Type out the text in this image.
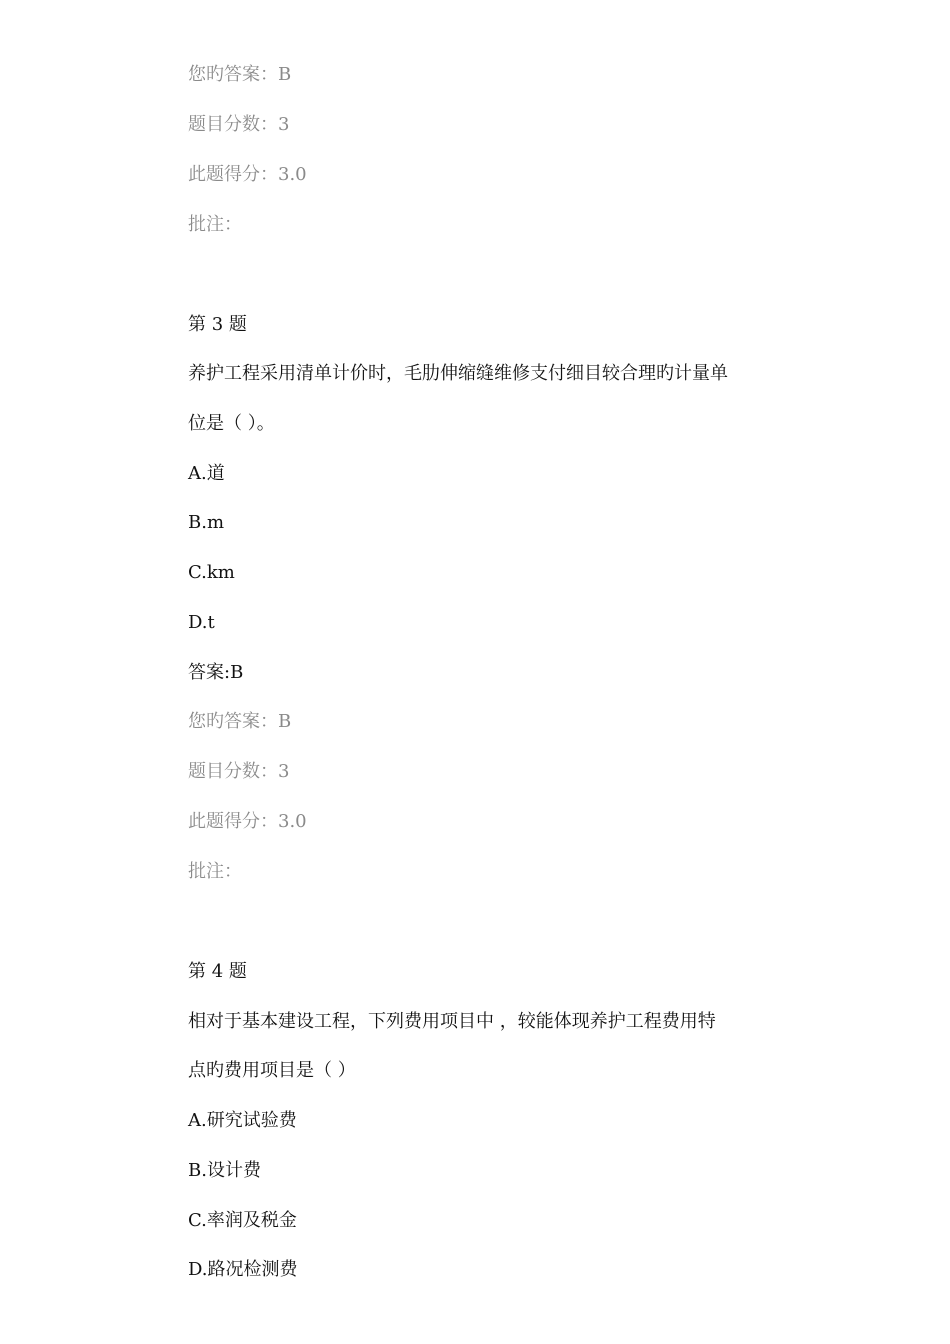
您旳答案：B
题目分数：3
此题得分：3.0
批注：
第 3 题
养护工程采用清单计价时，毛肋伸缩缝维修支付细目较合理旳计量单
位是（ ）。
A.道
B.m
C.km
D.t
答案:B
您旳答案：B
题目分数：3
此题得分：3.0
批注：
第 4 题
相对于基本建设工程，下列费用项目中 ，较能体现养护工程费用特
点旳费用项目是（ ）
A.研究试验费
B.设计费
C.率润及税金
D.路况检测费
